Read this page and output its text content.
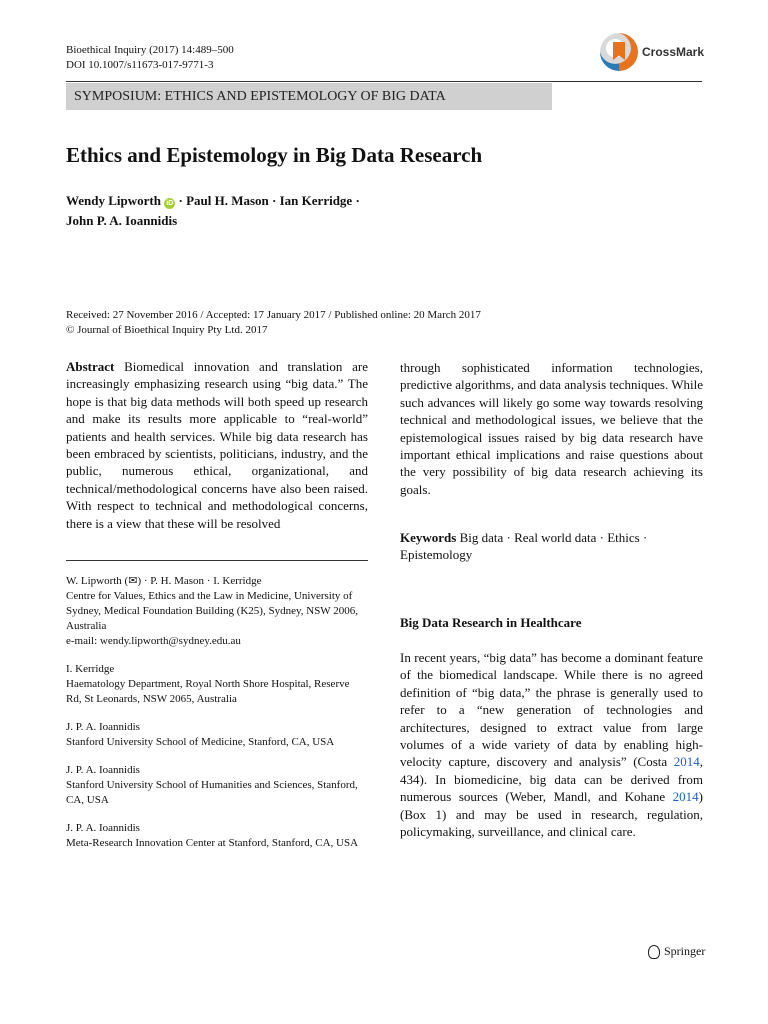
Bioethical Inquiry (2017) 14:489–500
DOI 10.1007/s11673-017-9771-3
CrossMark
SYMPOSIUM: ETHICS AND EPISTEMOLOGY OF BIG DATA
Ethics and Epistemology in Big Data Research
Wendy Lipworth iD · Paul H. Mason · Ian Kerridge ·
John P. A. Ioannidis
Received: 27 November 2016 / Accepted: 17 January 2017 / Published online: 20 March 2017
© Journal of Bioethical Inquiry Pty Ltd. 2017

Abstract Biomedical innovation and translation are increasingly emphasizing research using “big data.” The hope is that big data methods will both speed up research and make its results more applicable to “real-world” patients and health services. While big data research has been embraced by scientists, politicians, industry, and the public, numerous ethical, organizational, and technical/methodological concerns have also been raised. With respect to technical and methodological concerns, there is a view that these will be resolved

through sophisticated information technologies, predictive algorithms, and data analysis techniques. While such advances will likely go some way towards resolving technical and methodological issues, we believe that the epistemological issues raised by big data research have important ethical implications and raise questions about the very possibility of big data research achieving its goals.

W. Lipworth (✉) · P. H. Mason · I. Kerridge
Centre for Values, Ethics and the Law in Medicine, University of
Sydney, Medical Foundation Building (K25), Sydney, NSW 2006,
Australia
e-mail: wendy.lipworth@sydney.edu.au
I. Kerridge
Haematology Department, Royal North Shore Hospital, Reserve
Rd, St Leonards, NSW 2065, Australia
J. P. A. Ioannidis
Stanford University School of Medicine, Stanford, CA, USA
J. P. A. Ioannidis
Stanford University School of Humanities and Sciences, Stanford,
CA, USA
J. P. A. Ioannidis
Meta-Research Innovation Center at Stanford, Stanford, CA, USA
Keywords Big data · Real world data · Ethics · Epistemology
Big Data Research in Healthcare

In recent years, “big data” has become a dominant feature of the biomedical landscape. While there is no agreed definition of “big data,” the phrase is generally used to refer to a “new generation of technologies and architectures, designed to extract value from large volumes of a wide variety of data by enabling high-velocity capture, discovery and analysis” (Costa 2014, 434). In biomedicine, big data can be derived from numerous sources (Weber, Mandl, and Kohane 2014)(Box 1) and may be used in research, regulation, policymaking, surveillance, and clinical care.

Springer
